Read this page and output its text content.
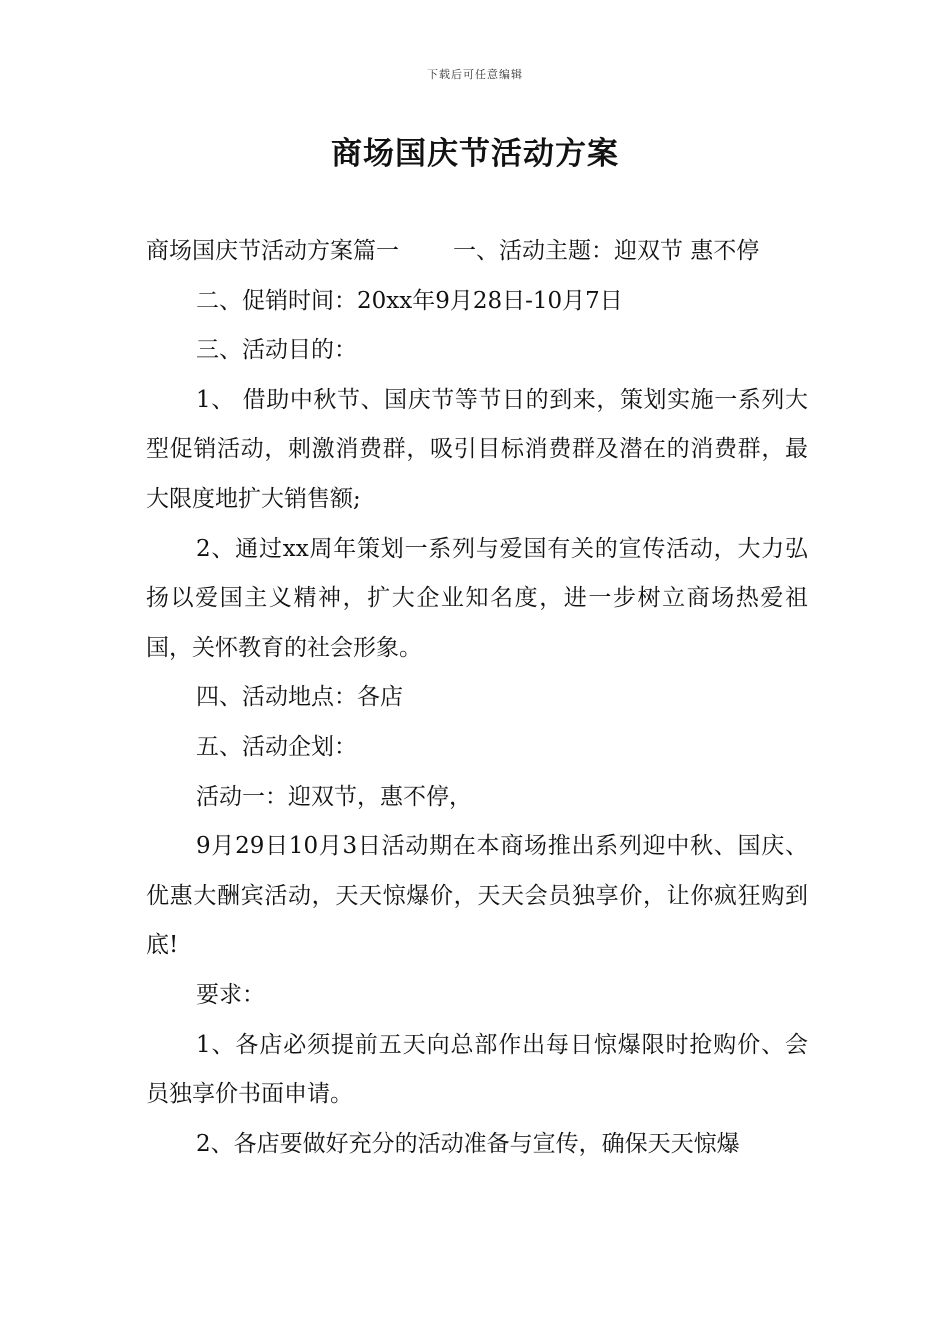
下载后可任意编辑
商场国庆节活动方案

商场国庆节活动方案篇一 一、活动主题：迎双节 惠不停

二、促销时间：20xx年9月28日-10月7日

三、活动目的：

1、 借助中秋节、国庆节等节日的到来，策划实施一系列大型促销活动，刺激消费群，吸引目标消费群及潜在的消费群，最大限度地扩大销售额;

2、通过xx周年策划一系列与爱国有关的宣传活动，大力弘扬以爱国主义精神，扩大企业知名度，进一步树立商场热爱祖国，关怀教育的社会形象。

四、活动地点：各店

五、活动企划：

活动一：迎双节，惠不停，

9月29日10月3日活动期在本商场推出系列迎中秋、国庆、优惠大酬宾活动，天天惊爆价，天天会员独享价，让你疯狂购到底!

要求：

1、各店必须提前五天向总部作出每日惊爆限时抢购价、会员独享价书面申请。

2、各店要做好充分的活动准备与宣传，确保天天惊爆
